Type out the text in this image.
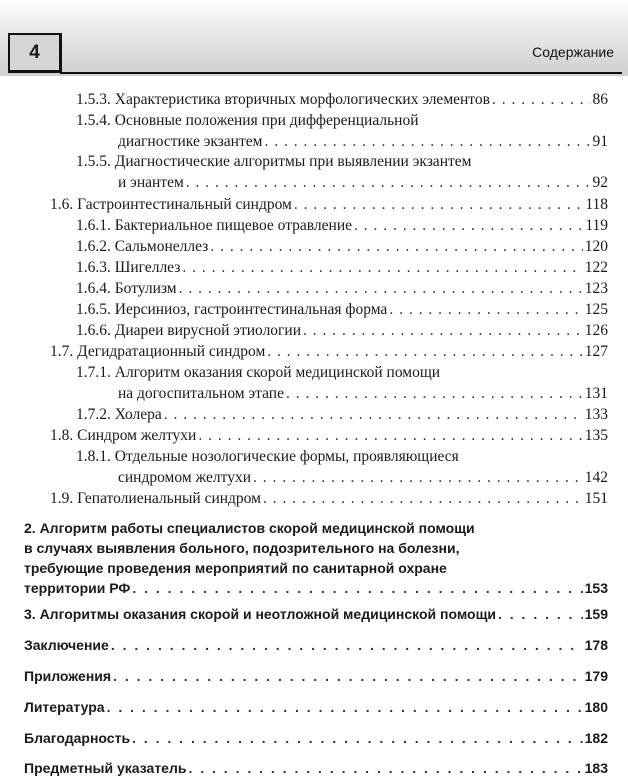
4	Содержание
1.5.3. Характеристика вторичных морфологических элементов . . .	86
1.5.4. Основные положения при дифференциальной
диагностике экзантем . . .	91
1.5.5. Диагностические алгоритмы при выявлении экзантем
и энантем . . .	92
1.6. Гастроинтестинальный синдром . . .	118
1.6.1. Бактериальное пищевое отравление . . .	119
1.6.2. Сальмонеллез . . .	120
1.6.3. Шигеллез . . .	122
1.6.4. Ботулизм . . .	123
1.6.5. Иерсиниоз, гастроинтестинальная форма . . .	125
1.6.6. Диареи вирусной этиологии . . .	126
1.7. Дегидратационный синдром . . .	127
1.7.1. Алгоритм оказания скорой медицинской помощи
на догоспитальном этапе . . .	131
1.7.2. Холера . . .	133
1.8. Синдром желтухи . . .	135
1.8.1. Отдельные нозологические формы, проявляющиеся
синдромом желтухи . . .	142
1.9. Гепатолиенальный синдром . . .	151
2. Алгоритм работы специалистов скорой медицинской помощи
в случаях выявления больного, подозрительного на болезни,
требующие проведения мероприятий по санитарной охране
территории РФ . . .	153
3. Алгоритмы оказания скорой и неотложной медицинской помощи . . .	159
Заключение . . .	178
Приложения . . .	179
Литература . . .	180
Благодарность . . .	182
Предметный указатель . . .	183
